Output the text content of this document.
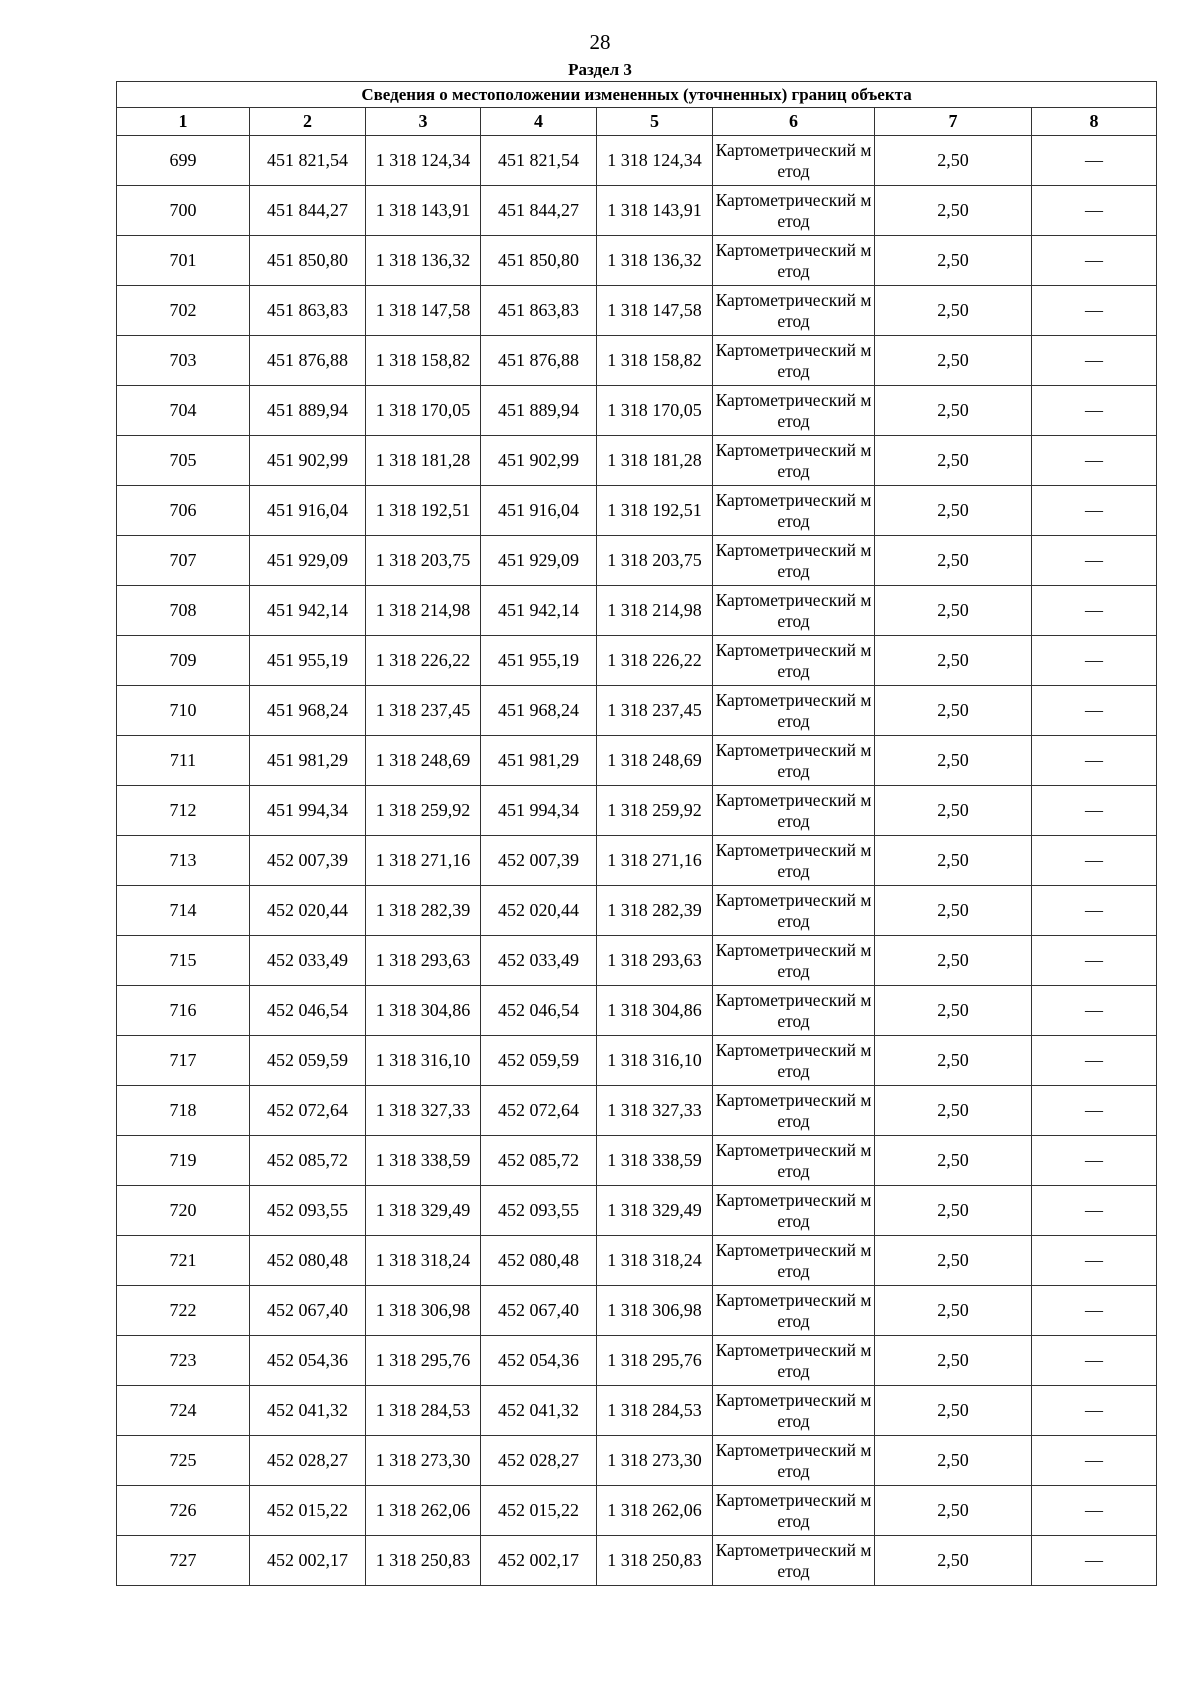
28
Раздел 3
Сведения о местоположении измененных (уточненных) границ объекта							
1	2	3	4	5	6	7	8
699	451 821,54	1 318 124,34	451 821,54	1 318 124,34	Картометрический метод	2,50	—
700	451 844,27	1 318 143,91	451 844,27	1 318 143,91	Картометрический метод	2,50	—
701	451 850,80	1 318 136,32	451 850,80	1 318 136,32	Картометрический метод	2,50	—
702	451 863,83	1 318 147,58	451 863,83	1 318 147,58	Картометрический метод	2,50	—
703	451 876,88	1 318 158,82	451 876,88	1 318 158,82	Картометрический метод	2,50	—
704	451 889,94	1 318 170,05	451 889,94	1 318 170,05	Картометрический метод	2,50	—
705	451 902,99	1 318 181,28	451 902,99	1 318 181,28	Картометрический метод	2,50	—
706	451 916,04	1 318 192,51	451 916,04	1 318 192,51	Картометрический метод	2,50	—
707	451 929,09	1 318 203,75	451 929,09	1 318 203,75	Картометрический метод	2,50	—
708	451 942,14	1 318 214,98	451 942,14	1 318 214,98	Картометрический метод	2,50	—
709	451 955,19	1 318 226,22	451 955,19	1 318 226,22	Картометрический метод	2,50	—
710	451 968,24	1 318 237,45	451 968,24	1 318 237,45	Картометрический метод	2,50	—
711	451 981,29	1 318 248,69	451 981,29	1 318 248,69	Картометрический метод	2,50	—
712	451 994,34	1 318 259,92	451 994,34	1 318 259,92	Картометрический метод	2,50	—
713	452 007,39	1 318 271,16	452 007,39	1 318 271,16	Картометрический метод	2,50	—
714	452 020,44	1 318 282,39	452 020,44	1 318 282,39	Картометрический метод	2,50	—
715	452 033,49	1 318 293,63	452 033,49	1 318 293,63	Картометрический метод	2,50	—
716	452 046,54	1 318 304,86	452 046,54	1 318 304,86	Картометрический метод	2,50	—
717	452 059,59	1 318 316,10	452 059,59	1 318 316,10	Картометрический метод	2,50	—
718	452 072,64	1 318 327,33	452 072,64	1 318 327,33	Картометрический метод	2,50	—
719	452 085,72	1 318 338,59	452 085,72	1 318 338,59	Картометрический метод	2,50	—
720	452 093,55	1 318 329,49	452 093,55	1 318 329,49	Картометрический метод	2,50	—
721	452 080,48	1 318 318,24	452 080,48	1 318 318,24	Картометрический метод	2,50	—
722	452 067,40	1 318 306,98	452 067,40	1 318 306,98	Картометрический метод	2,50	—
723	452 054,36	1 318 295,76	452 054,36	1 318 295,76	Картометрический метод	2,50	—
724	452 041,32	1 318 284,53	452 041,32	1 318 284,53	Картометрический метод	2,50	—
725	452 028,27	1 318 273,30	452 028,27	1 318 273,30	Картометрический метод	2,50	—
726	452 015,22	1 318 262,06	452 015,22	1 318 262,06	Картометрический метод	2,50	—
727	452 002,17	1 318 250,83	452 002,17	1 318 250,83	Картометрический метод	2,50	—
